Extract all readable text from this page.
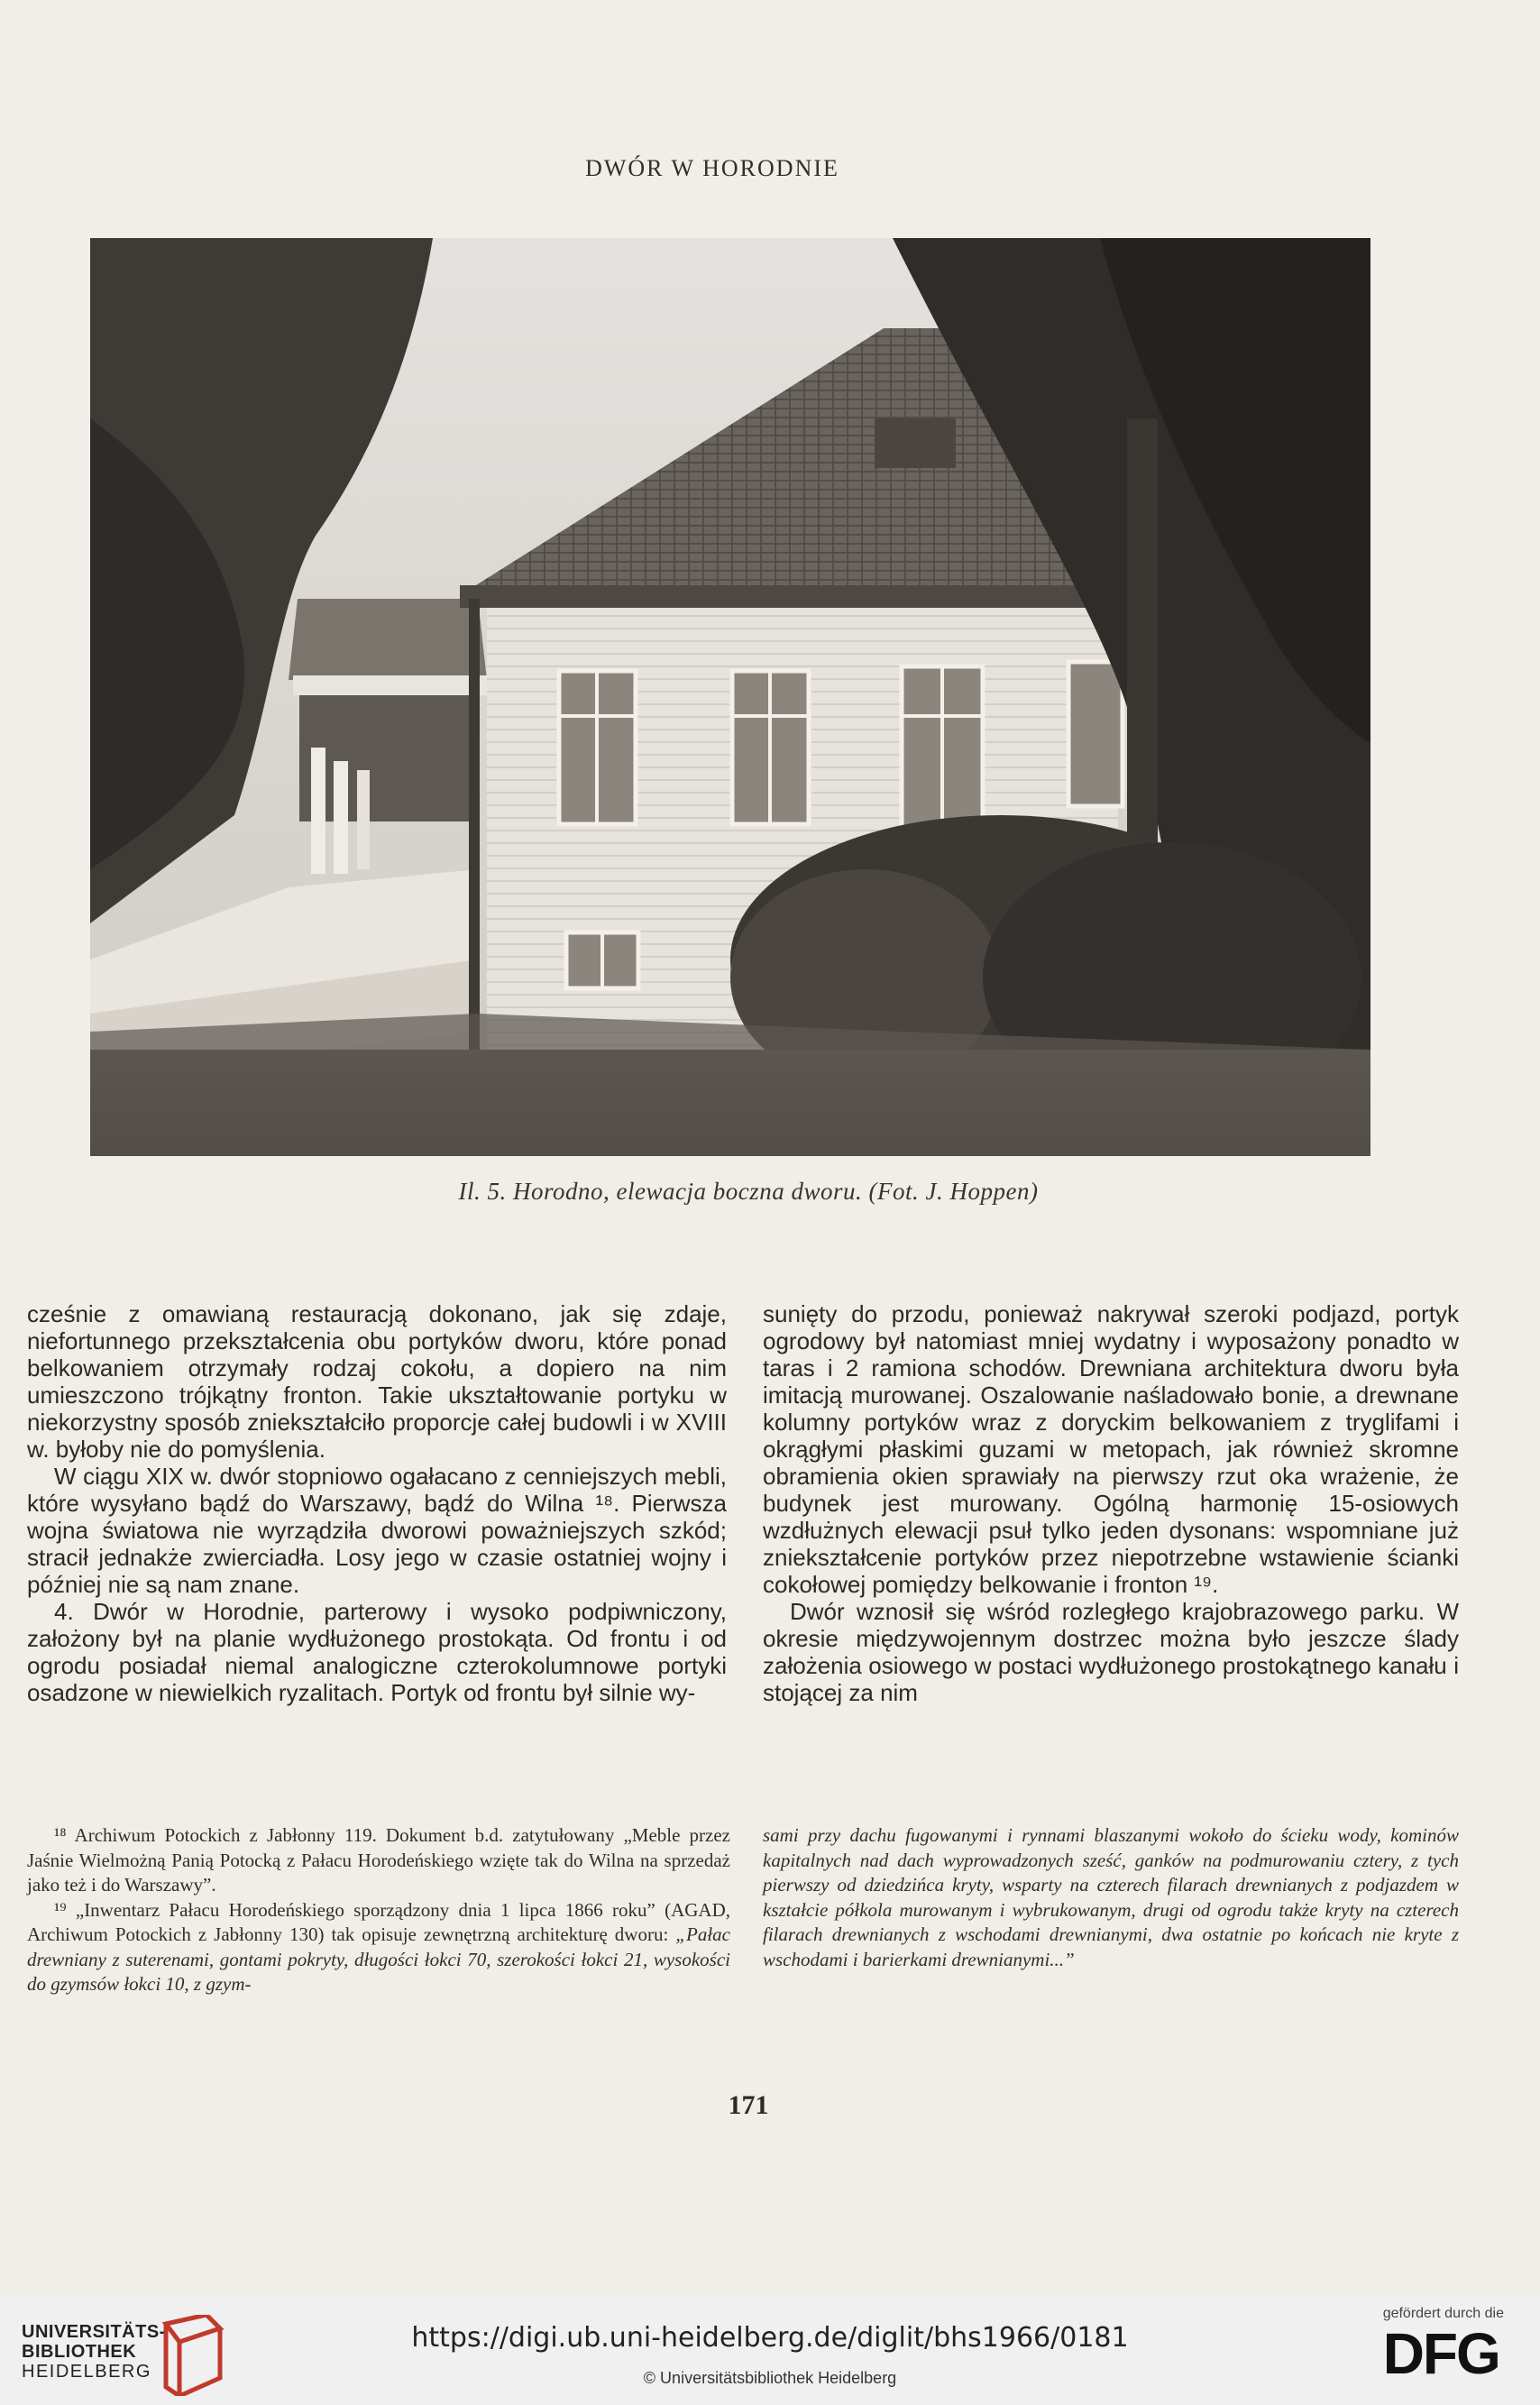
DWÓR W HORODNIE
Il. 5. Horodno, elewacja boczna dworu. (Fot. J. Hoppen)

cześnie z omawianą restauracją dokonano, jak się zdaje, niefortunnego przekształcenia obu portyków dworu, które ponad belkowaniem otrzymały rodzaj cokołu, a dopiero na nim umieszczono trójkątny fronton. Takie ukształtowanie portyku w niekorzystny sposób zniekształciło proporcje całej budowli i w XVIII w. byłoby nie do pomyślenia.

W ciągu XIX w. dwór stopniowo ogałacano z cenniejszych mebli, które wysyłano bądź do Warszawy, bądź do Wilna ¹⁸. Pierwsza wojna światowa nie wyrządziła dworowi poważniejszych szkód; stracił jednakże zwierciadła. Losy jego w czasie ostatniej wojny i później nie są nam znane.

4. Dwór w Horodnie, parterowy i wysoko podpiwniczony, założony był na planie wydłużonego prostokąta. Od frontu i od ogrodu posiadał niemal analogiczne czterokolumnowe portyki osadzone w niewielkich ryzalitach. Portyk od frontu był silnie wy-

sunięty do przodu, ponieważ nakrywał szeroki podjazd, portyk ogrodowy był natomiast mniej wydatny i wyposażony ponadto w taras i 2 ramiona schodów. Drewniana architektura dworu była imitacją murowanej. Oszalowanie naśladowało bonie, a drewnane kolumny portyków wraz z doryckim belkowaniem z tryglifami i okrągłymi płaskimi guzami w metopach, jak również skromne obramienia okien sprawiały na pierwszy rzut oka wrażenie, że budynek jest murowany. Ogólną harmonię 15-osiowych wzdłużnych elewacji psuł tylko jeden dysonans: wspomniane już zniekształcenie portyków przez niepotrzebne wstawienie ścianki cokołowej pomiędzy belkowanie i fronton ¹⁹.

Dwór wznosił się wśród rozległego krajobrazowego parku. W okresie międzywojennym dostrzec można było jeszcze ślady założenia osiowego w postaci wydłużonego prostokątnego kanału i stojącej za nim

¹⁸ Archiwum Potockich z Jabłonny 119. Dokument b.d. zatytułowany „Meble przez Jaśnie Wielmożną Panią Potocką z Pałacu Horodeńskiego wzięte tak do Wilna na sprzedaż jako też i do Warszawy”.

¹⁹ „Inwentarz Pałacu Horodeńskiego sporządzony dnia 1 lipca 1866 roku” (AGAD, Archiwum Potockich z Jabłonny 130) tak opisuje zewnętrzną architekturę dworu: „Pałac drewniany z suterenami, gontami pokryty, długości łokci 70, szerokości łokci 21, wysokości do gzymsów łokci 10, z gzym-

sami przy dachu fugowanymi i rynnami blaszanymi wokoło do ścieku wody, kominów kapitalnych nad dach wyprowadzonych sześć, ganków na podmurowaniu cztery, z tych pierwszy od dziedzińca kryty, wsparty na czterech filarach drewnianych z podjazdem w kształcie półkola murowanym i wybrukowanym, drugi od ogrodu także kryty na czterech filarach drewnianych z wschodami drewnianymi, dwa ostatnie po końcach nie kryte z wschodami i barierkami drewnianymi...”

171
UNIVERSITÄTS-
BIBLIOTHEK
HEIDELBERG
https://digi.ub.uni-heidelberg.de/diglit/bhs1966/0181
© Universitätsbibliothek Heidelberg
gefördert durch die
DFG
